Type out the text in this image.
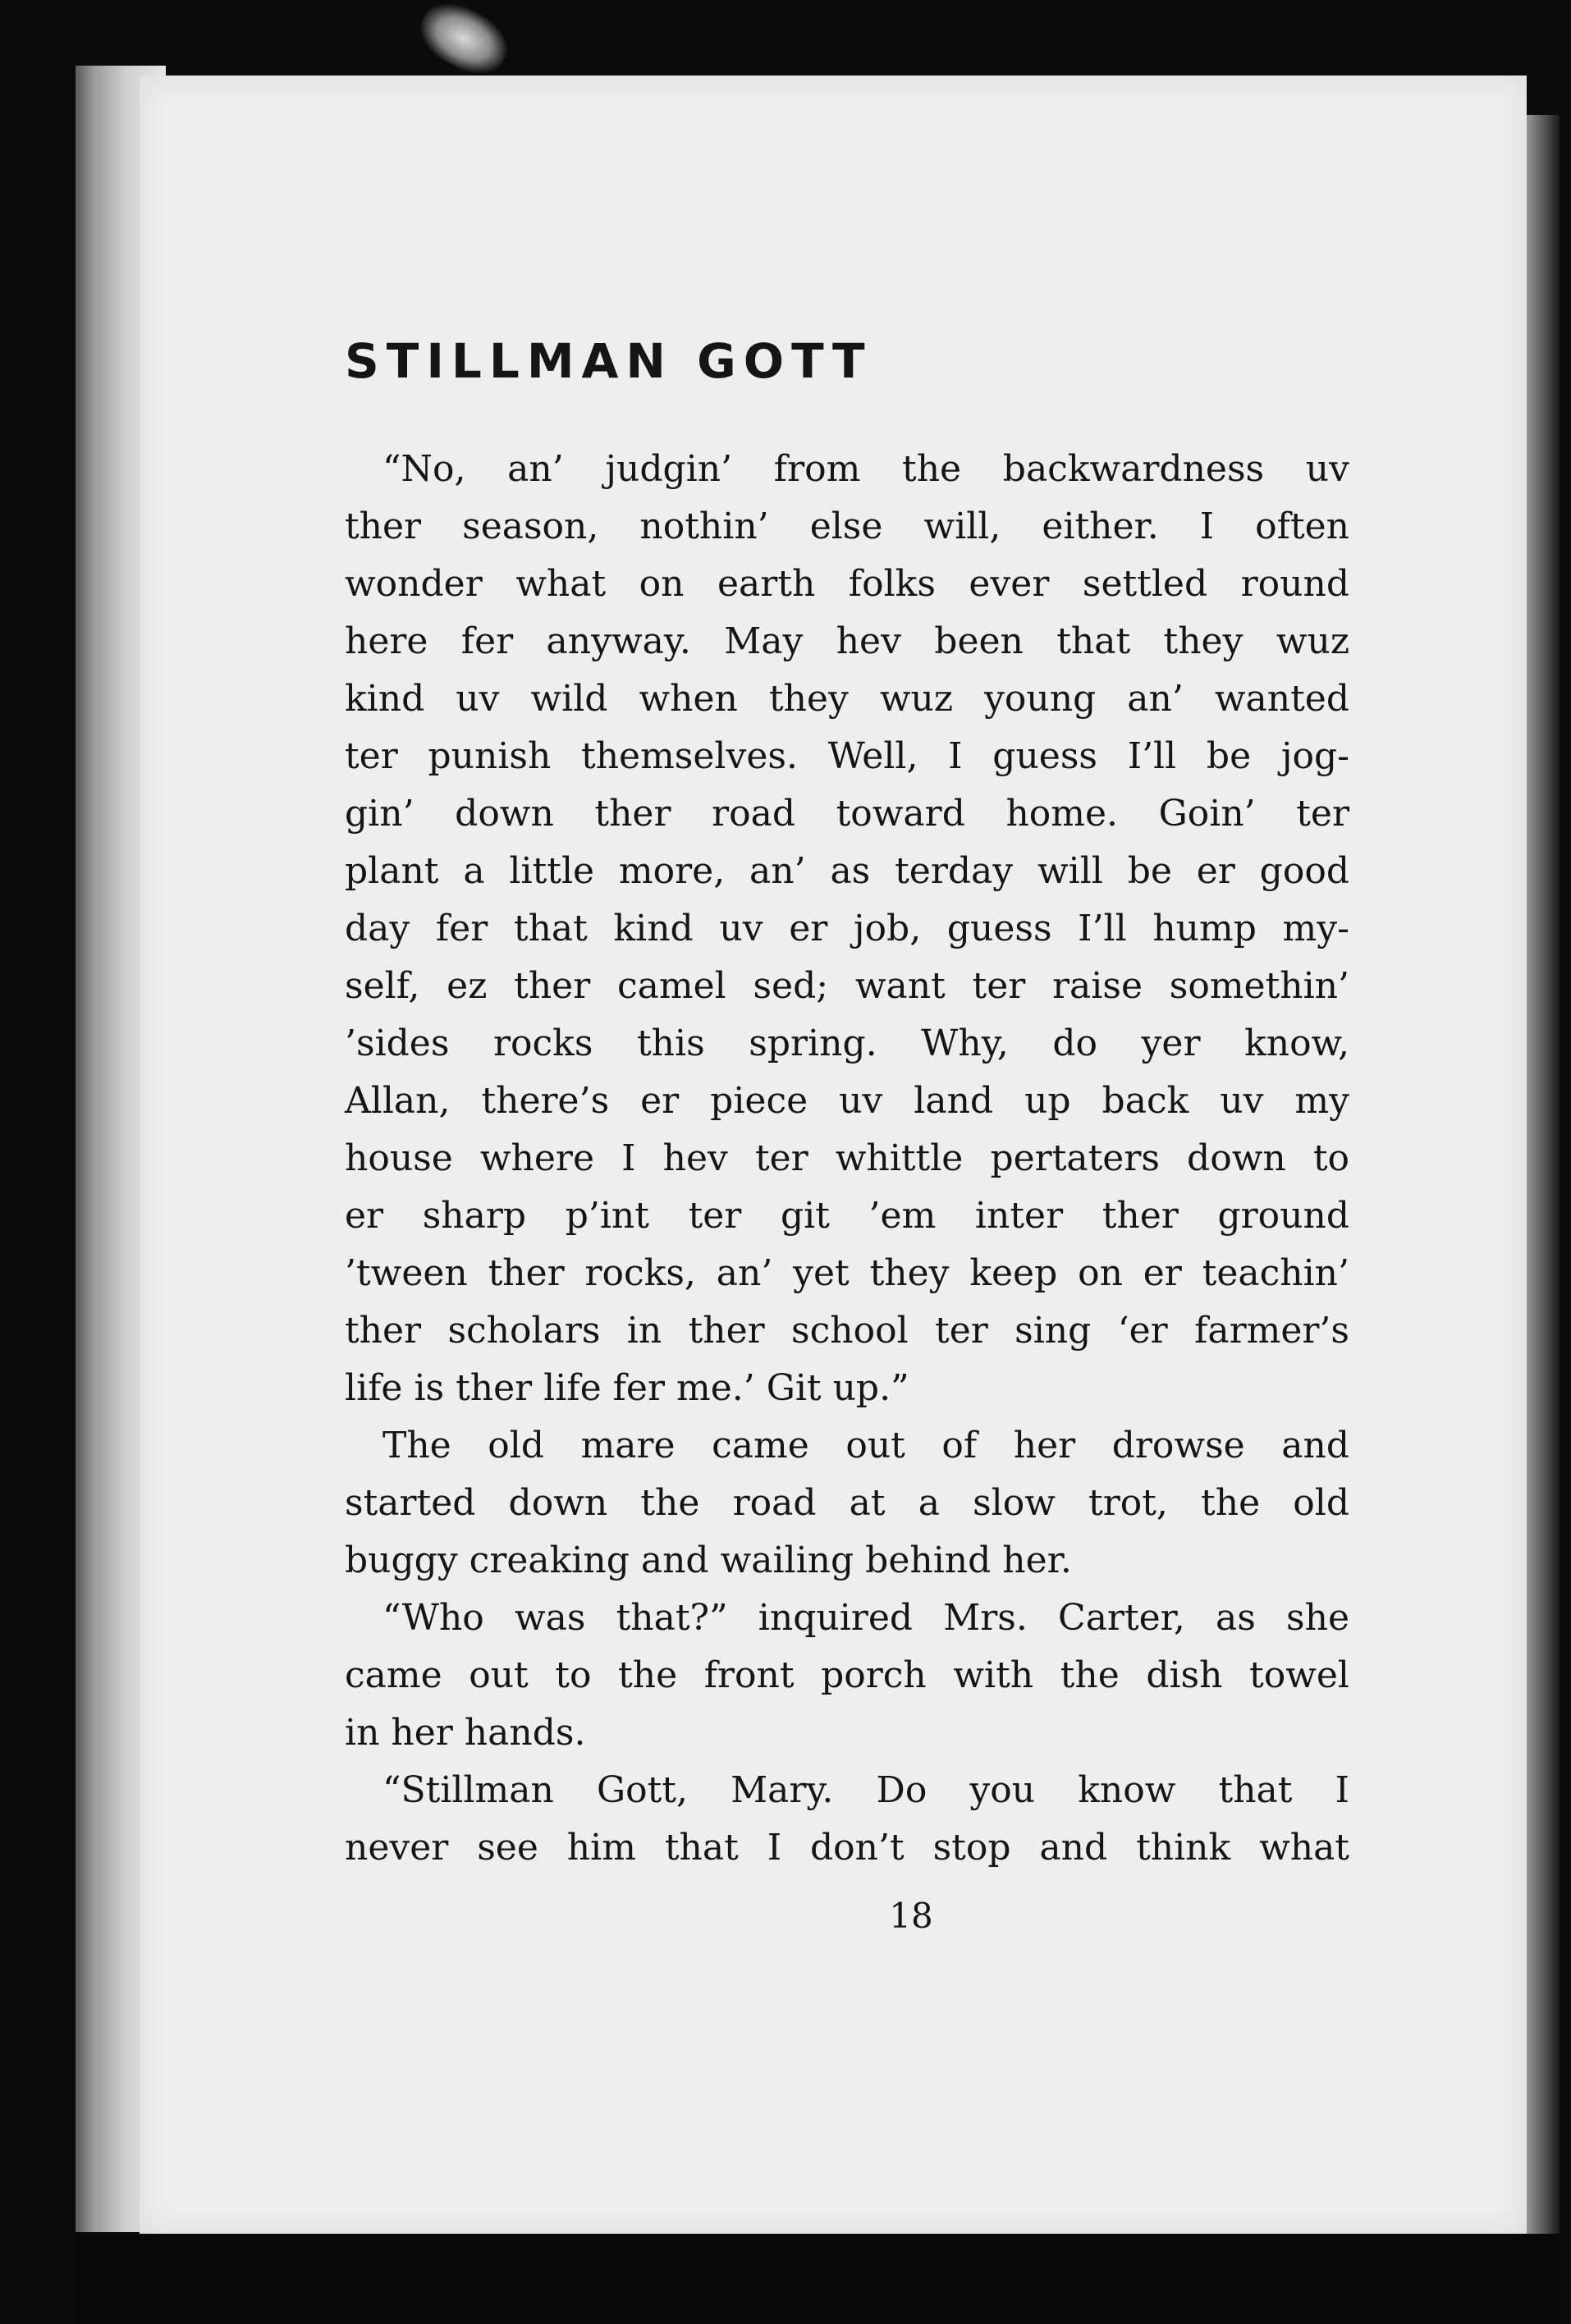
STILLMAN GOTT
“No, an’ judgin’ from the backwardness uv
ther season, nothin’ else will, either. I often
wonder what on earth folks ever settled round
here fer anyway. May hev been that they wuz
kind uv wild when they wuz young an’ wanted
ter punish themselves. Well, I guess I’ll be jog-
gin’ down ther road toward home. Goin’ ter
plant a little more, an’ as terday will be er good
day fer that kind uv er job, guess I’ll hump my-
self, ez ther camel sed; want ter raise somethin’
’sides rocks this spring. Why, do yer know,
Allan, there’s er piece uv land up back uv my
house where I hev ter whittle pertaters down to
er sharp p’int ter git ’em inter ther ground
’tween ther rocks, an’ yet they keep on er teachin’
ther scholars in ther school ter sing ‘er farmer’s
life is ther life fer me.’ Git up.”
The old mare came out of her drowse and
started down the road at a slow trot, the old
buggy creaking and wailing behind her.
“Who was that?” inquired Mrs. Carter, as she
came out to the front porch with the dish towel
in her hands.
“Stillman Gott, Mary. Do you know that I
never see him that I don’t stop and think what
18
